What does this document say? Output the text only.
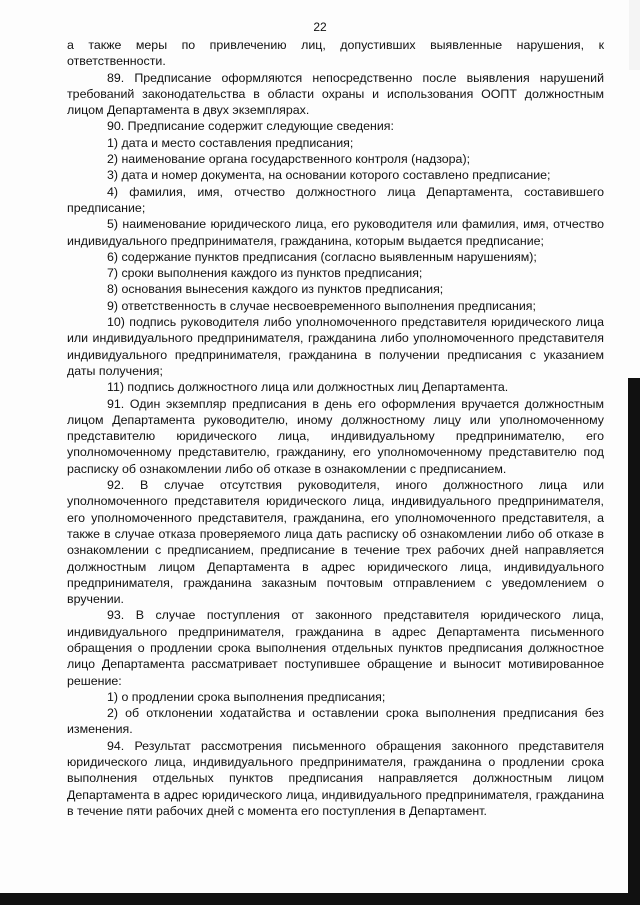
22

а также меры по привлечению лиц, допустивших выявленные нарушения, к ответственности.

89. Предписание оформляются непосредственно после выявления нарушений требований законодательства в области охраны и использования ООПТ должностным лицом Департамента в двух экземплярах.

90. Предписание содержит следующие сведения:

1) дата и место составления предписания;

2) наименование органа государственного контроля (надзора);

3) дата и номер документа, на основании которого составлено предписание;

4) фамилия, имя, отчество должностного лица Департамента, составившего предписание;

5) наименование юридического лица, его руководителя или фамилия, имя, отчество индивидуального предпринимателя, гражданина, которым выдается предписание;

6) содержание пунктов предписания (согласно выявленным нарушениям);

7) сроки выполнения каждого из пунктов предписания;

8) основания вынесения каждого из пунктов предписания;

9) ответственность в случае несвоевременного выполнения предписания;

10) подпись руководителя либо уполномоченного представителя юридического лица или индивидуального предпринимателя, гражданина либо уполномоченного представителя индивидуального предпринимателя, гражданина в получении предписания с указанием даты получения;

11) подпись должностного лица или должностных лиц Департамента.

91. Один экземпляр предписания в день его оформления вручается должностным лицом Департамента руководителю, иному должностному лицу или уполномоченному представителю юридического лица, индивидуальному предпринимателю, его уполномоченному представителю, гражданину, его уполномоченному представителю под расписку об ознакомлении либо об отказе в ознакомлении с предписанием.

92. В случае отсутствия руководителя, иного должностного лица или уполномоченного представителя юридического лица, индивидуального предпринимателя, его уполномоченного представителя, гражданина, его уполномоченного представителя, а также в случае отказа проверяемого лица дать расписку об ознакомлении либо об отказе в ознакомлении с предписанием, предписание в течение трех рабочих дней направляется должностным лицом Департамента в адрес юридического лица, индивидуального предпринимателя, гражданина заказным почтовым отправлением с уведомлением о вручении.

93. В случае поступления от законного представителя юридического лица, индивидуального предпринимателя, гражданина в адрес Департамента письменного обращения о продлении срока выполнения отдельных пунктов предписания должностное лицо Департамента рассматривает поступившее обращение и выносит мотивированное решение:

1) о продлении срока выполнения предписания;

2) об отклонении ходатайства и оставлении срока выполнения предписания без изменения.

94. Результат рассмотрения письменного обращения законного представителя юридического лица, индивидуального предпринимателя, гражданина о продлении срока выполнения отдельных пунктов предписания направляется должностным лицом Департамента в адрес юридического лица, индивидуального предпринимателя, гражданина в течение пяти рабочих дней с момента его поступления в Департамент.
